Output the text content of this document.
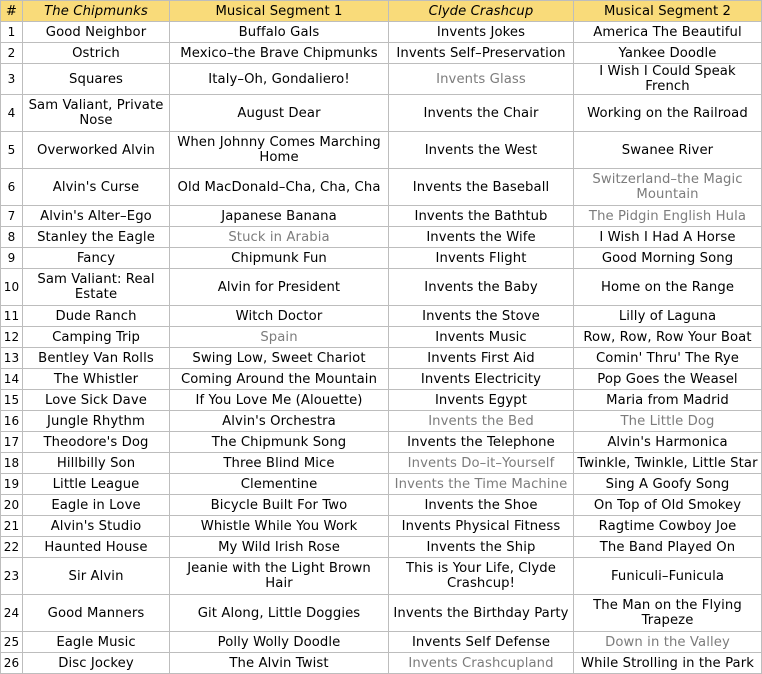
#	The Chipmunks	Musical Segment 1	Clyde Crashcup	Musical Segment 2
1	Good Neighbor	Buffalo Gals	Invents Jokes	America The Beautiful
2	Ostrich	Mexico–the Brave Chipmunks	Invents Self–Preservation	Yankee Doodle
3	Squares	Italy–Oh, Gondaliero!	Invents Glass	I Wish I Could Speak French
4	Sam Valiant, Private Nose	August Dear	Invents the Chair	Working on the Railroad
5	Overworked Alvin	When Johnny Comes Marching Home	Invents the West	Swanee River
6	Alvin's Curse	Old MacDonald–Cha, Cha, Cha	Invents the Baseball	Switzerland–the Magic Mountain
7	Alvin's Alter–Ego	Japanese Banana	Invents the Bathtub	The Pidgin English Hula
8	Stanley the Eagle	Stuck in Arabia	Invents the Wife	I Wish I Had A Horse
9	Fancy	Chipmunk Fun	Invents Flight	Good Morning Song
10	Sam Valiant: Real Estate	Alvin for President	Invents the Baby	Home on the Range
11	Dude Ranch	Witch Doctor	Invents the Stove	Lilly of Laguna
12	Camping Trip	Spain	Invents Music	Row, Row, Row Your Boat
13	Bentley Van Rolls	Swing Low, Sweet Chariot	Invents First Aid	Comin' Thru' The Rye
14	The Whistler	Coming Around the Mountain	Invents Electricity	Pop Goes the Weasel
15	Love Sick Dave	If You Love Me (Alouette)	Invents Egypt	Maria from Madrid
16	Jungle Rhythm	Alvin's Orchestra	Invents the Bed	The Little Dog
17	Theodore's Dog	The Chipmunk Song	Invents the Telephone	Alvin's Harmonica
18	Hillbilly Son	Three Blind Mice	Invents Do–it–Yourself	Twinkle, Twinkle, Little Star
19	Little League	Clementine	Invents the Time Machine	Sing A Goofy Song
20	Eagle in Love	Bicycle Built For Two	Invents the Shoe	On Top of Old Smokey
21	Alvin's Studio	Whistle While You Work	Invents Physical Fitness	Ragtime Cowboy Joe
22	Haunted House	My Wild Irish Rose	Invents the Ship	The Band Played On
23	Sir Alvin	Jeanie with the Light Brown Hair	This is Your Life, Clyde Crashcup!	Funiculi–Funicula
24	Good Manners	Git Along, Little Doggies	Invents the Birthday Party	The Man on the Flying Trapeze
25	Eagle Music	Polly Wolly Doodle	Invents Self Defense	Down in the Valley
26	Disc Jockey	The Alvin Twist	Invents Crashcupland	While Strolling in the Park
